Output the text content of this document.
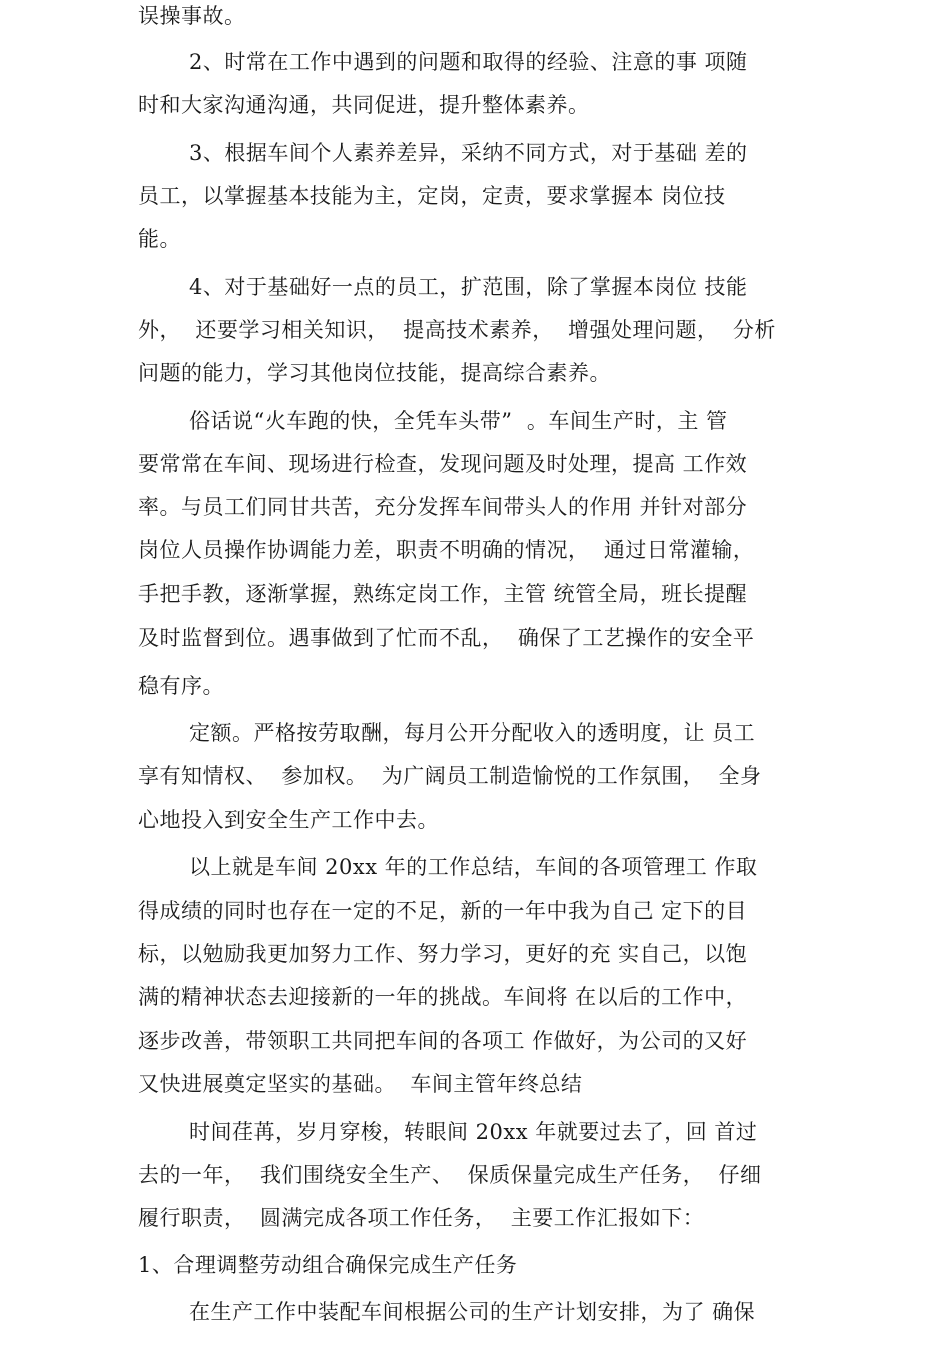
误操事故。
2、时常在工作中遇到的问题和取得的经验、注意的事 项随
时和大家沟通沟通，共同促进，提升整体素养。
3、根据车间个人素养差异，采纳不同方式，对于基础 差的
员工，以掌握基本技能为主，定岗，定责，要求掌握本 岗位技
能。
4、对于基础好一点的员工，扩范围，除了掌握本岗位 技能
外，  还要学习相关知识，  提高技术素养，  增强处理问题，  分析
问题的能力，学习其他岗位技能，提高综合素养。
俗话说“火车跑的快，全凭车头带”  。车间生产时，主 管
要常常在车间、现场进行检查，发现问题及时处理，提高 工作效
率。与员工们同甘共苦，充分发挥车间带头人的作用 并针对部分
岗位人员操作协调能力差，职责不明确的情况，  通过日常灌输，
手把手教，逐渐掌握，熟练定岗工作，主管 统管全局，班长提醒
及时监督到位。遇事做到了忙而不乱，  确保了工艺操作的安全平
稳有序。
定额。严格按劳取酬，每月公开分配收入的透明度，让 员工
享有知情权、  参加权。  为广阔员工制造愉悦的工作氛围，  全身
心地投入到安全生产工作中去。
以上就是车间 20xx 年的工作总结，车间的各项管理工 作取
得成绩的同时也存在一定的不足，新的一年中我为自己 定下的目
标，以勉励我更加努力工作、努力学习，更好的充 实自己，以饱
满的精神状态去迎接新的一年的挑战。车间将 在以后的工作中，
逐步改善，带领职工共同把车间的各项工 作做好，为公司的又好
又快进展奠定坚实的基础。  车间主管年终总结
时间荏苒，岁月穿梭，转眼间 20xx 年就要过去了，回 首过
去的一年，  我们围绕安全生产、  保质保量完成生产任务，  仔细
履行职责，  圆满完成各项工作任务，  主要工作汇报如下：
1、合理调整劳动组合确保完成生产任务
在生产工作中装配车间根据公司的生产计划安排，为了 确保
